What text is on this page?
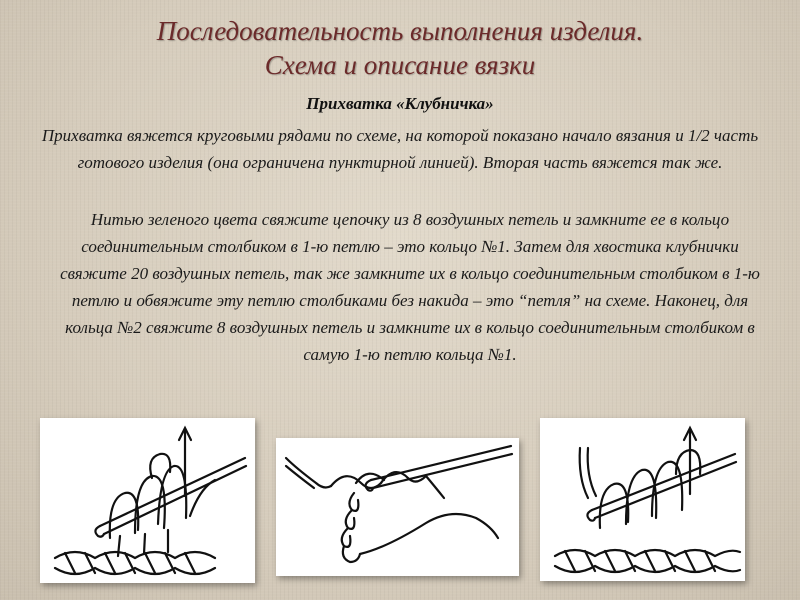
Последовательность выполнения изделия.
Схема и описание вязки
Прихватка «Клубничка»
Прихватка вяжется круговыми рядами по схеме, на которой показано начало вязания и 1/2 часть готового изделия (она ограничена пунктирной линией). Вторая часть вяжется так же.
Нитью зеленого цвета свяжите цепочку из 8 воздушных петель и замкните ее в кольцо соединительным столбиком в 1-ю петлю – это кольцо №1. Затем для хвостика клубнички свяжите 20 воздушных петель, так же замкните их в кольцо соединительным столбиком в 1-ю петлю и обвяжите эту петлю столбиками без накида – это “петля” на схеме. Наконец, для кольца №2 свяжите 8 воздушных петель и замкните их в кольцо соединительным столбиком в самую 1-ю петлю кольца №1.
